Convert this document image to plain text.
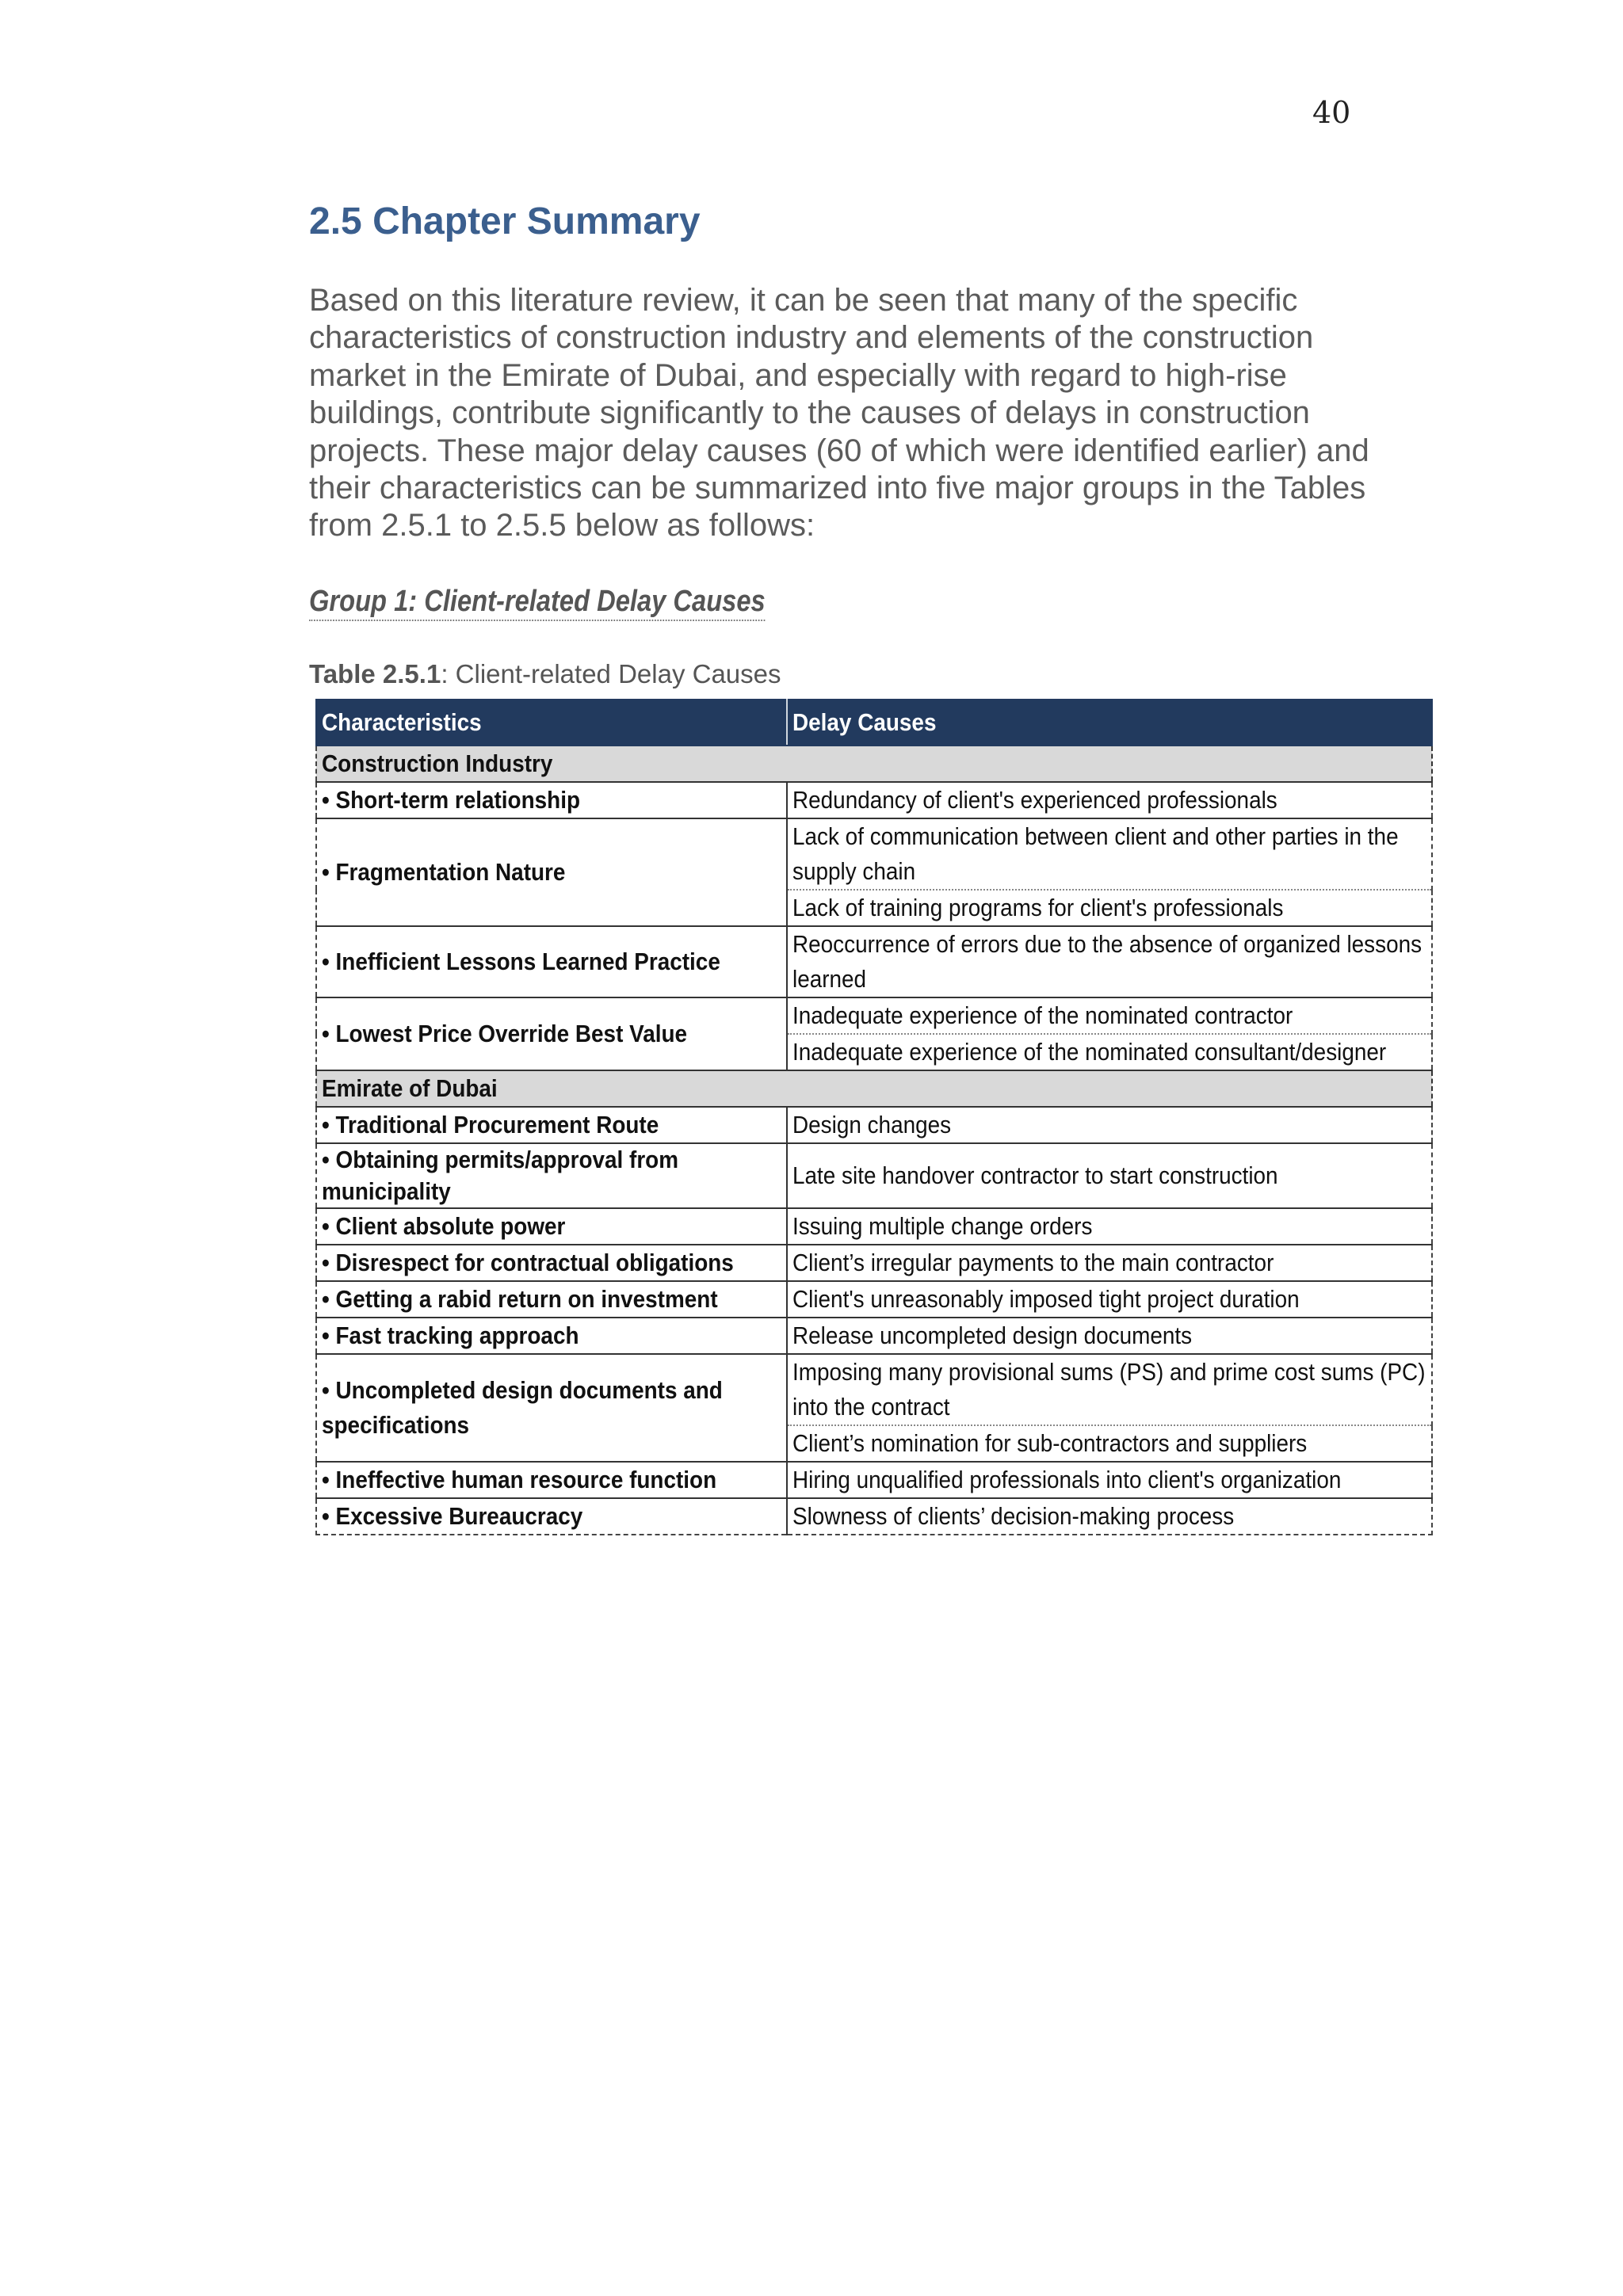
40
2.5 Chapter Summary

Based on this literature review, it can be seen that many of the specific characteristics of construction industry and elements of the construction market in the Emirate of Dubai, and especially with regard to high-rise buildings, contribute significantly to the causes of delays in construction projects. These major delay causes (60 of which were identified earlier) and their characteristics can be summarized into five major groups in the Tables from 2.5.1 to 2.5.5 below as follows:

Group 1: Client-related Delay Causes

Table 2.5.1: Client-related Delay Causes

Characteristics	Delay Causes

Construction Industry	

• Short-term relationship	Redundancy of client's experienced professionals

• Fragmentation Nature	Lack of communication between client and other parties in the supply chain

	Lack of training programs for client's professionals

• Inefficient Lessons Learned Practice	Reoccurrence of errors due to the absence of organized lessons learned

• Lowest Price Override Best Value	Inadequate experience of the nominated contractor

	Inadequate experience of the nominated consultant/designer

Emirate of Dubai	

• Traditional Procurement Route	Design changes

• Obtaining permits/approval from municipality	Late site handover contractor to start construction

• Client absolute power	Issuing multiple change orders

• Disrespect for contractual obligations	Client’s irregular payments to the main contractor

• Getting a rabid return on investment	Client's unreasonably imposed tight project duration

• Fast tracking approach	Release uncompleted design documents

• Uncompleted design documents and specifications	Imposing many provisional sums (PS) and prime cost sums (PC) into the contract

	Client’s nomination for sub-contractors and suppliers

• Ineffective human resource function	Hiring unqualified professionals into client's organization

• Excessive Bureaucracy	Slowness of clients’ decision-making process
